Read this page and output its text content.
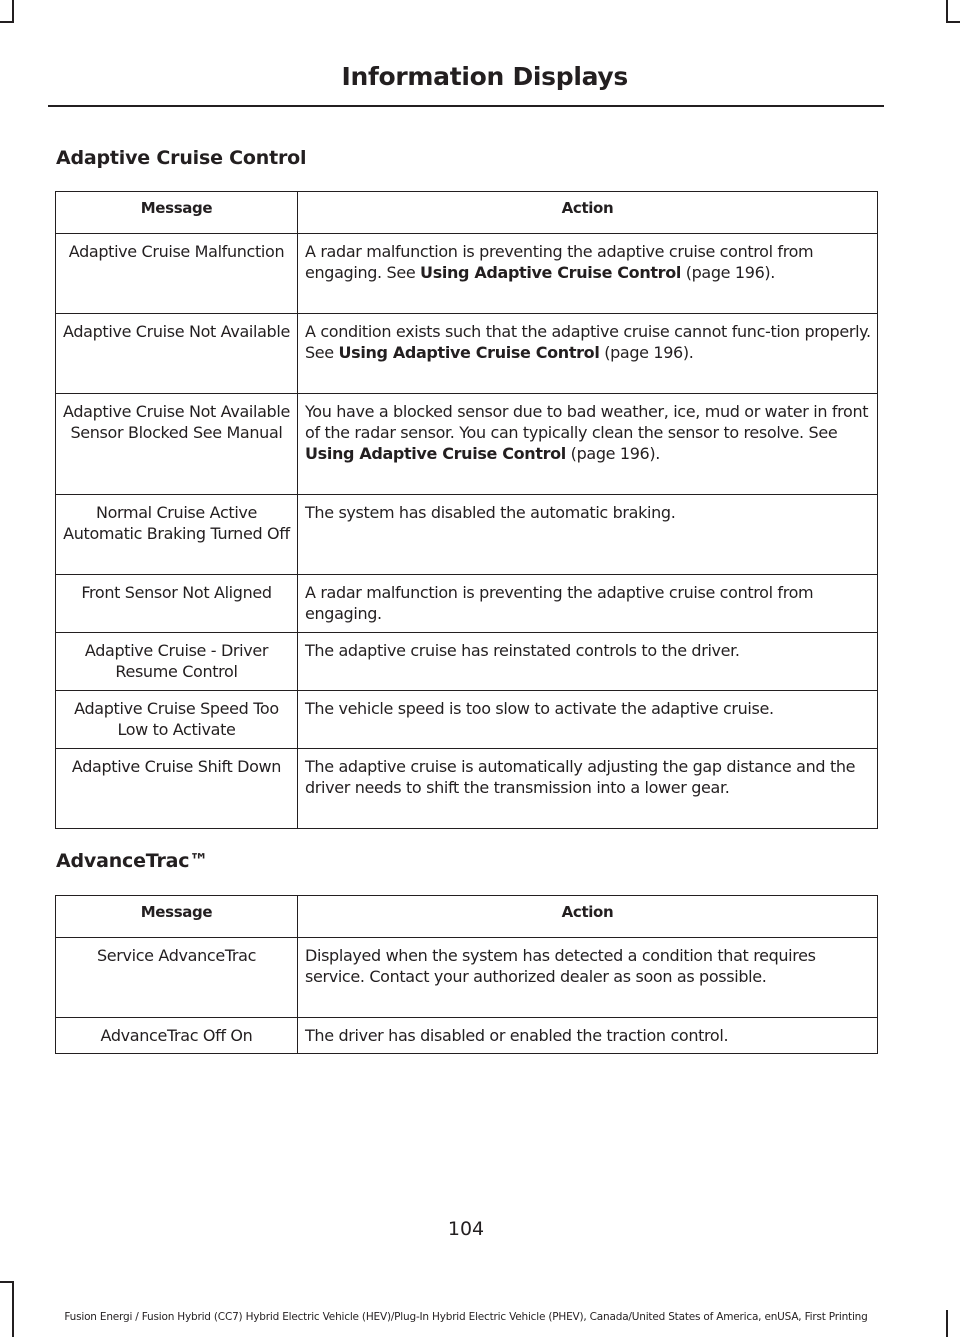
Information Displays
Adaptive Cruise Control
Message	Action
Adaptive Cruise Malfunction	A radar malfunction is preventing the adaptive cruise control from engaging. See Using Adaptive Cruise Control (page 196).
Adaptive Cruise Not Available	A condition exists such that the adaptive cruise cannot func-tion properly. See Using Adaptive Cruise Control (page 196).
Adaptive Cruise Not Available Sensor Blocked See Manual	You have a blocked sensor due to bad weather, ice, mud or water in front of the radar sensor. You can typically clean the sensor to resolve. See Using Adaptive Cruise Control (page 196).
Normal Cruise Active Automatic Braking Turned Off	The system has disabled the automatic braking.
Front Sensor Not Aligned	A radar malfunction is preventing the adaptive cruise control from engaging.
Adaptive Cruise - Driver Resume Control	The adaptive cruise has reinstated controls to the driver.
Adaptive Cruise Speed Too Low to Activate	The vehicle speed is too slow to activate the adaptive cruise.
Adaptive Cruise Shift Down	The adaptive cruise is automatically adjusting the gap distance and the driver needs to shift the transmission into a lower gear.
AdvanceTrac™
Message	Action
Service AdvanceTrac	Displayed when the system has detected a condition that requires service. Contact your authorized dealer as soon as possible.
AdvanceTrac Off On	The driver has disabled or enabled the traction control.
104
Fusion Energi / Fusion Hybrid (CC7) Hybrid Electric Vehicle (HEV)/Plug-In Hybrid Electric Vehicle (PHEV), Canada/United States of America, enUSA, First Printing
